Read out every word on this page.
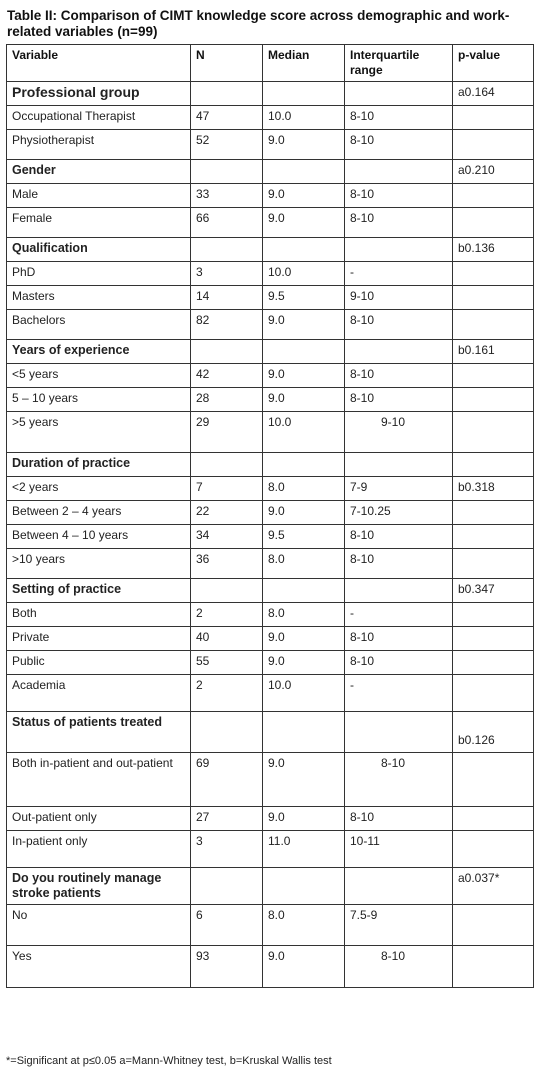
Table II: Comparison of CIMT knowledge score across demographic and work-related variables (n=99)
Variable	N	Median	Interquartile range	p-value
Professional group				a0.164
Occupational Therapist	47	10.0	8-10	
Physiotherapist	52	9.0	8-10	
Gender				a0.210
Male	33	9.0	8-10	
Female	66	9.0	8-10	
Qualification				b0.136
PhD	3	10.0	-	
Masters	14	9.5	9-10	
Bachelors	82	9.0	8-10	
Years of experience				b0.161
<5 years	42	9.0	8-10	
5 – 10 years	28	9.0	8-10	
>5 years	29	10.0	9-10	
Duration of practice				
<2 years	7	8.0	7-9	b0.318
Between 2 – 4 years	22	9.0	7-10.25	
Between 4 – 10 years	34	9.5	8-10	
>10 years	36	8.0	8-10	
Setting of practice				b0.347
Both	2	8.0	-	
Private	40	9.0	8-10	
Public	55	9.0	8-10	
Academia	2	10.0	-	
Status of patients treated				b0.126
Both in-patient and out-patient	69	9.0	8-10	
Out-patient only	27	9.0	8-10	
In-patient only	3	11.0	10-11	
Do you routinely manage stroke patients				a0.037*
No	6	8.0	7.5-9	
Yes	93	9.0	8-10	
*=Significant at p≤0.05 a=Mann-Whitney test, b=Kruskal Wallis test
